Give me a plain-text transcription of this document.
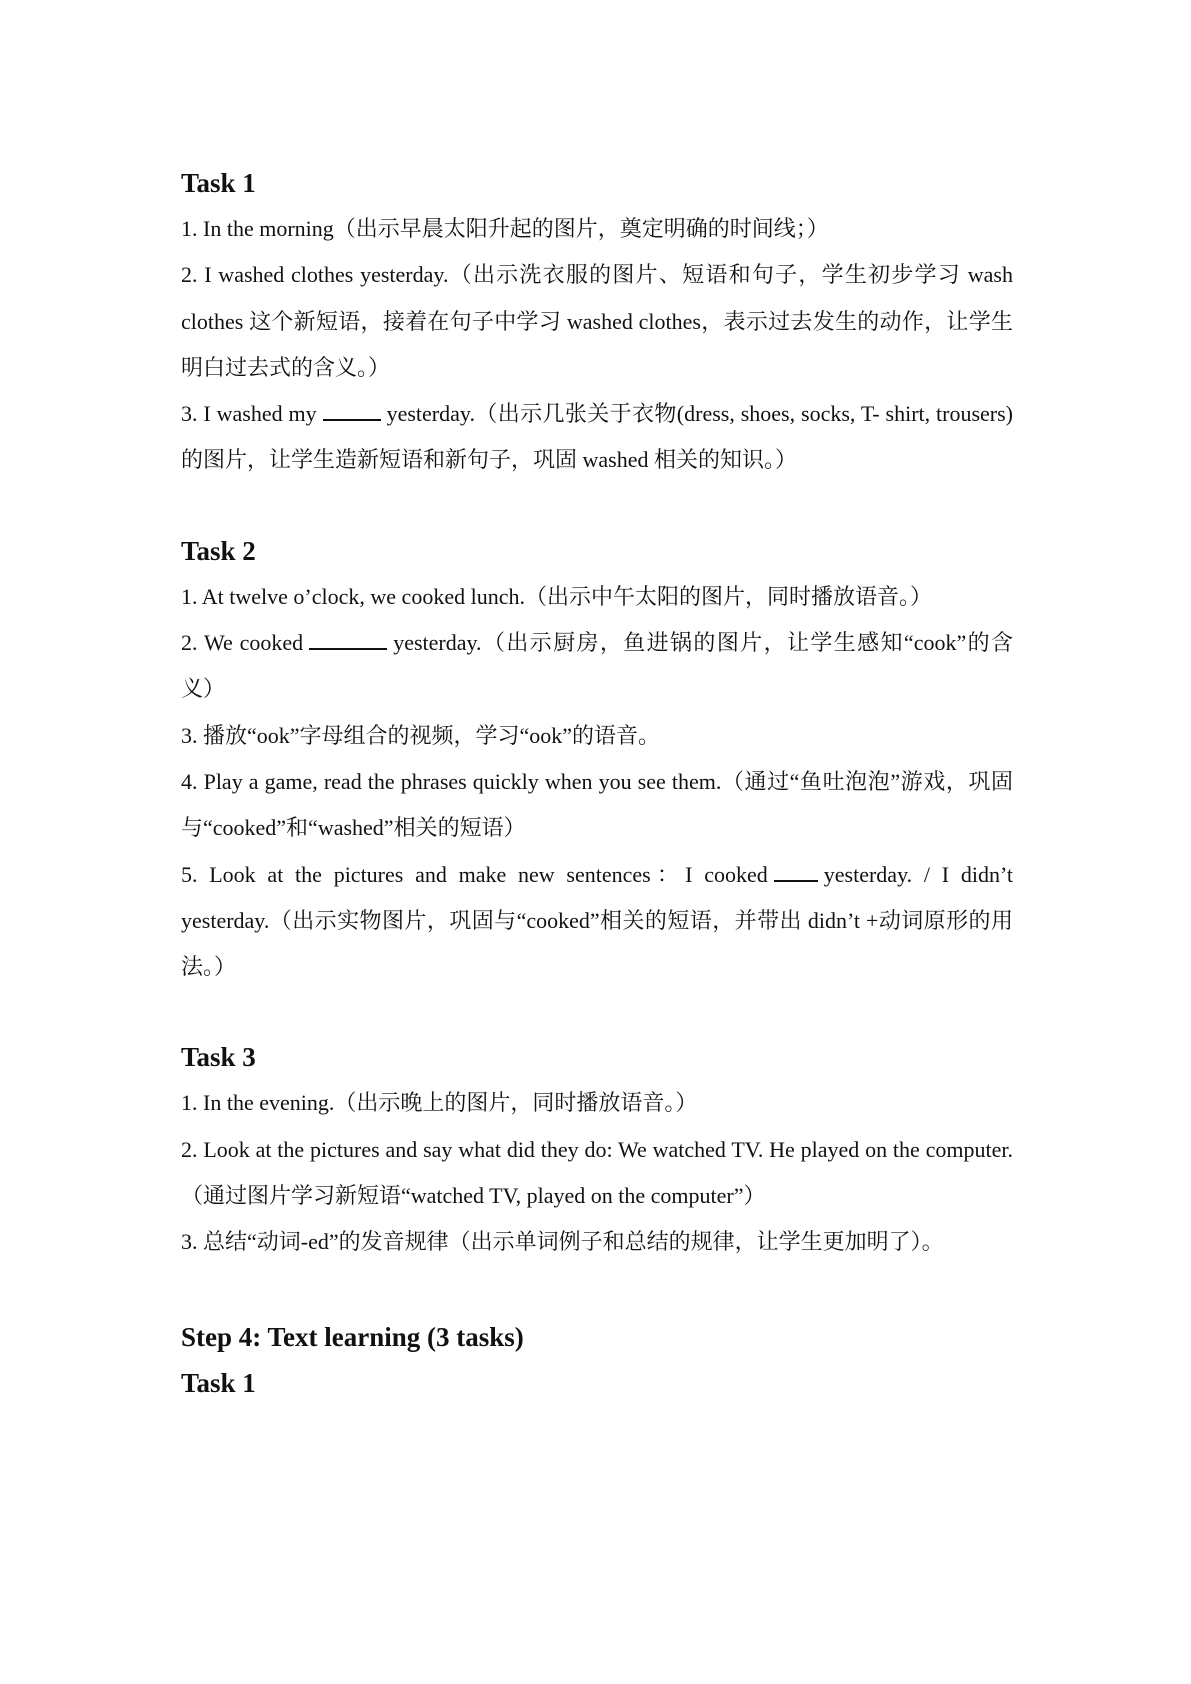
Task 1

1. In the morning（出示早晨太阳升起的图片，奠定明确的时间线；）

2. I washed clothes yesterday.（出示洗衣服的图片、短语和句子，学生初步学习 wash clothes 这个新短语，接着在句子中学习 washed clothes，表示过去发生的动作，让学生明白过去式的含义。）

3. I washed my	yesterday.（出示几张关于衣物(dress, shoes, socks, T- shirt, trousers)的图片，让学生造新短语和新句子，巩固 washed 相关的知识。）

Task 2

1. At twelve o’clock, we cooked lunch.（出示中午太阳的图片，同时播放语音。）

2. We cooked	yesterday.（出示厨房，鱼进锅的图片，让学生感知“cook”的含义）

3. 播放“ook”字母组合的视频，学习“ook”的语音。

4. Play a game, read the phrases quickly when you see them.（通过“鱼吐泡泡”游戏，巩固与“cooked”和“washed”相关的短语）

5. Look at the pictures and make new sentences：I cooked	yesterday. / I didn’t yesterday.（出示实物图片，巩固与“cooked”相关的短语，并带出 didn’t +动词原形的用法。）

Task 3

1. In the evening.（出示晚上的图片，同时播放语音。）

2. Look at the pictures and say what did they do: We watched TV. He played on the computer.（通过图片学习新短语“watched TV, played on the computer”）

3. 总结“动词-ed”的发音规律（出示单词例子和总结的规律，让学生更加明了）。

Step 4: Text learning (3 tasks)
Task 1
